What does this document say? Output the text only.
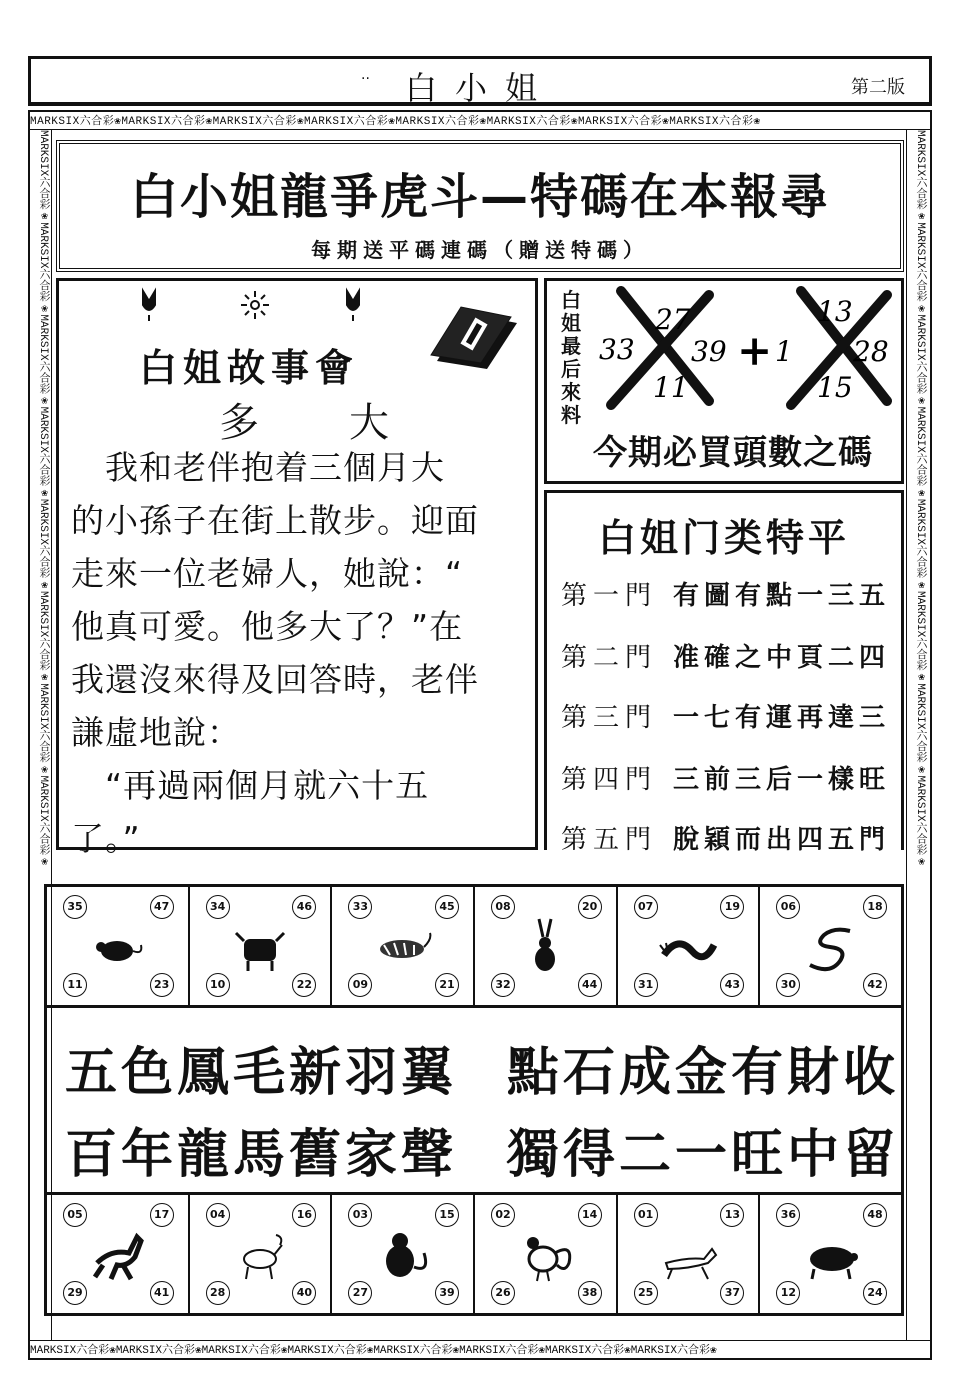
··	白小姐	第二版
MARKSIX六合彩❀MARKSIX六合彩❀MARKSIX六合彩❀MARKSIX六合彩❀MARKSIX六合彩❀MARKSIX六合彩❀MARKSIX六合彩❀MARKSIX六合彩❀
MARKSIX六合彩❀MARKSIX六合彩❀MARKSIX六合彩❀MARKSIX六合彩❀MARKSIX六合彩❀MARKSIX六合彩❀MARKSIX六合彩❀MARKSIX六合彩❀
MARKSIX六合彩❀MARKSIX六合彩❀MARKSIX六合彩❀MARKSIX六合彩❀MARKSIX六合彩❀MARKSIX六合彩❀MARKSIX六合彩❀MARKSIX六合彩❀	MARKSIX六合彩❀MARKSIX六合彩❀MARKSIX六合彩❀MARKSIX六合彩❀MARKSIX六合彩❀MARKSIX六合彩❀MARKSIX六合彩❀MARKSIX六合彩❀
白小姐龍爭虎斗—特碼在本報尋
每期送平碼連碼（贈送特碼）
白姐故事會
多大
　我和老伴抱着三個月大
的小孫子在街上散步。迎面
走來一位老婦人，她說：“
他真可愛。他多大了？”在
我還沒來得及回答時，老伴
謙虛地說：
　“再過兩個月就六十五
了。”
白姐最后來料
27
33 39
11
+
13
1 28
15
今期必買頭數之碼
白姐门类特平
第一門 有圖有點一三五
第二門 准確之中頁二四
第三門 一七有運再達三
第四門 三前三后一樣旺
第五門 脫穎而出四五門
35	47
11	23
34	46
10	22
33	45
09	21
08	20
32	44
07	19
31	43
06	18
30	42
五色鳳毛新羽翼 點石成金有財收
百年龍馬舊家聲 獨得二一旺中留
05	17
29	41
04	16
28	40
03	15
27	39
02	14
26	38
01	13
25	37
36	48
12	24
